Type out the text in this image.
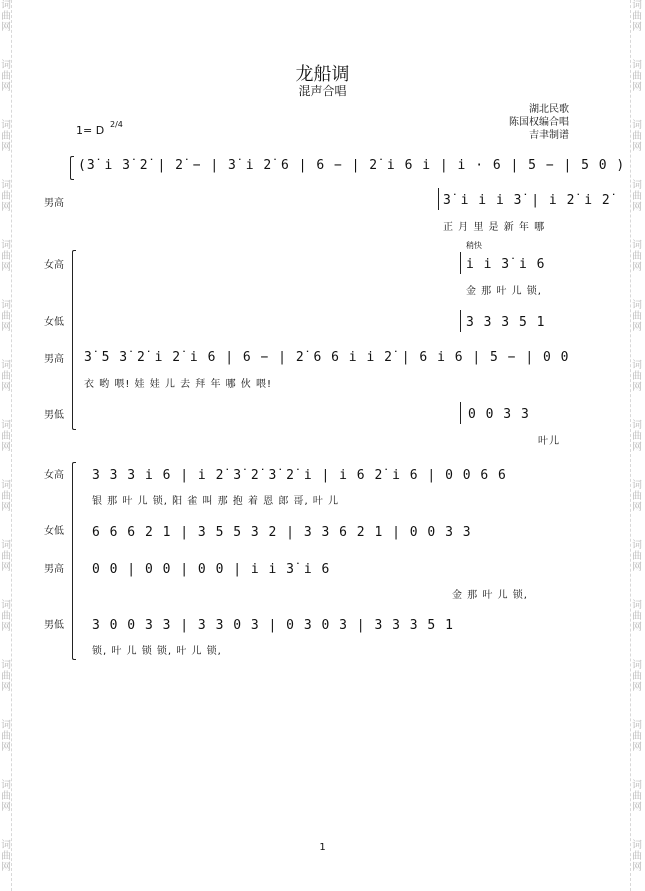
词
曲
网
词
曲
网
词
曲
网
词
曲
网
词
曲
网
词
曲
网
词
曲
网
词
曲
网
词
曲
网
词
曲
网
词
曲
网
词
曲
网
词
曲
网
词
曲
网
词
曲
网
词
曲
网
词
曲
网
词
曲
网
词
曲
网
词
曲
网
词
曲
网
词
曲
网
词
曲
网
词
曲
网
词
曲
网
词
曲
网
词
曲
网
词
曲
网
词
曲
网
词
曲
网
龙船调
混声合唱
湖北民歌
陈国权编合唱
吉聿制谱
1= D 2/4
(3̇ i 3̇ 2̇ | 2̇ − | 3̇ i 2̇ 6 | 6 − | 2̇ i 6 i | i · 6 | 5 − | 5 0 )
男高	3̇ i i i 3̇ | i 2̇ i 2̇
正 月 里 是 新 年 哪
女高
稍快
i i 3̇ i 6
金 那 叶 儿 锁,
女低	3 3 3 5 1
男高 3̇ 5 3̇ 2̇ i 2̇ i 6 | 6 − | 2̇ 6 6 i i 2̇ | 6 i 6 | 5 − | 0 0
衣 哟 喂! 娃 娃 儿 去 拜 年 哪 伙 喂!
男低	0 0 3 3
叶儿
女高 3 3 3 i 6 | i 2̇ 3̇ 2̇ 3̇ 2̇ i | i 6 2̇ i 6 | 0 0 6 6
银 那 叶 儿 锁, 阳 雀 叫 那 抱 着 恩 郎 哥, 叶 儿
女低 6 6 6 2 1 | 3 5 5 3 2 | 3 3 6 2 1 | 0 0 3 3
男高 0 0 | 0 0 | 0 0 | i i 3̇ i 6
金 那 叶 儿 锁,
男低 3 0 0 3 3 | 3 3 0 3 | 0 3 0 3 | 3 3 3 5 1
锁, 叶 儿 锁 锁, 叶 儿 锁,
1
